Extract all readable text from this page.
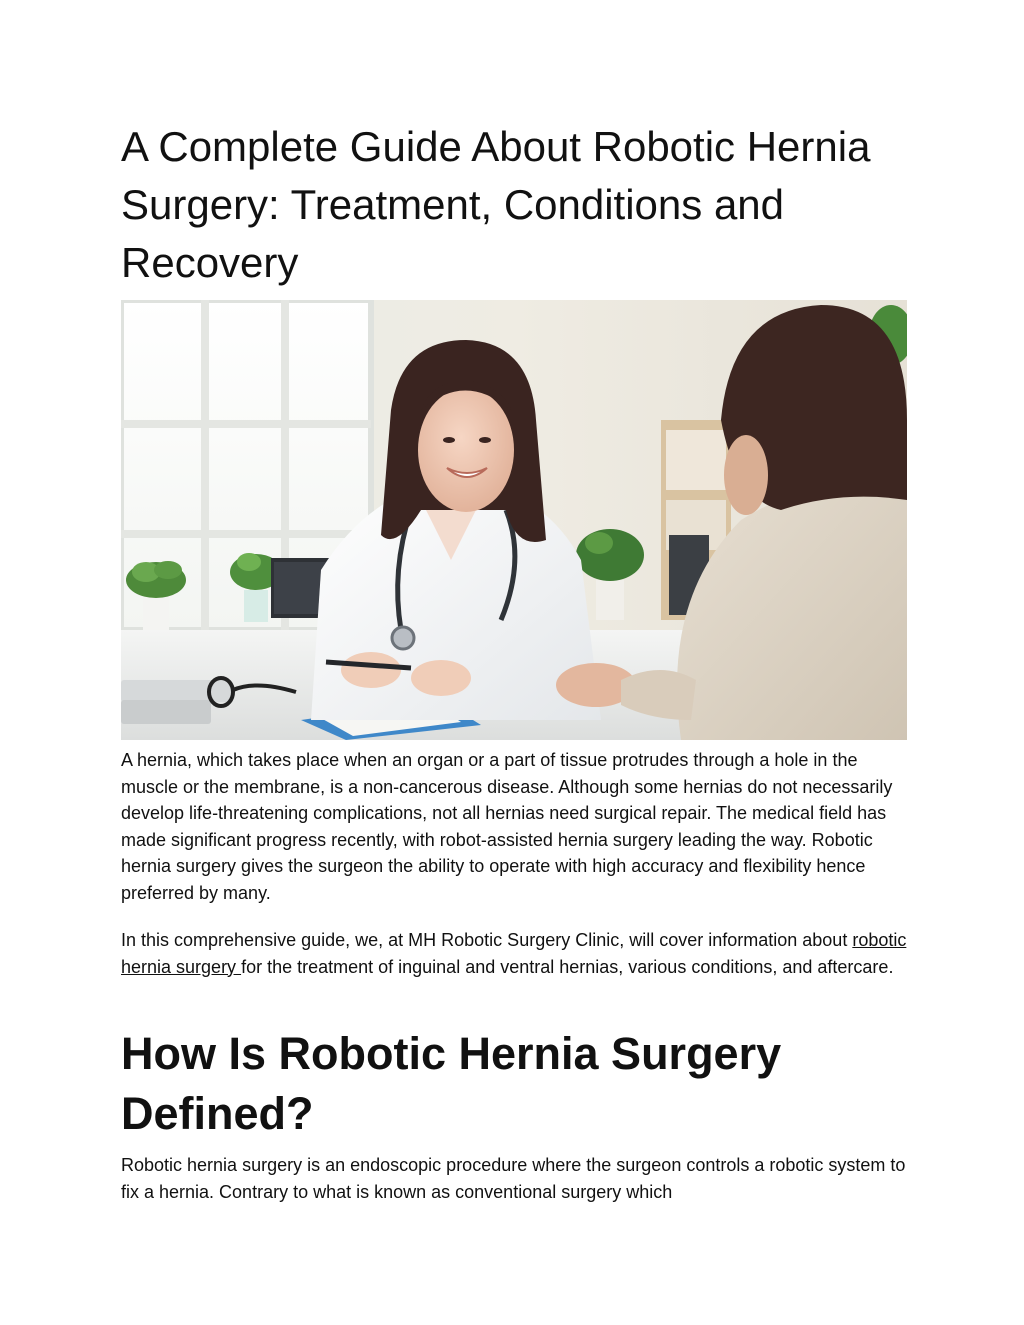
A Complete Guide About Robotic Hernia Surgery: Treatment, Conditions and Recovery

A hernia, which takes place when an organ or a part of tissue protrudes through a hole in the muscle or the membrane, is a non-cancerous disease. Although some hernias do not necessarily develop life-threatening complications, not all hernias need surgical repair. The medical field has made significant progress recently, with robot-assisted hernia surgery leading the way. Robotic hernia surgery gives the surgeon the ability to operate with high accuracy and flexibility hence preferred by many.

In this comprehensive guide, we, at MH Robotic Surgery Clinic, will cover information about robotic hernia surgery for the treatment of inguinal and ventral hernias, various conditions, and aftercare.

How Is Robotic Hernia Surgery Defined?

Robotic hernia surgery is an endoscopic procedure where the surgeon controls a robotic system to fix a hernia. Contrary to what is known as conventional surgery which
